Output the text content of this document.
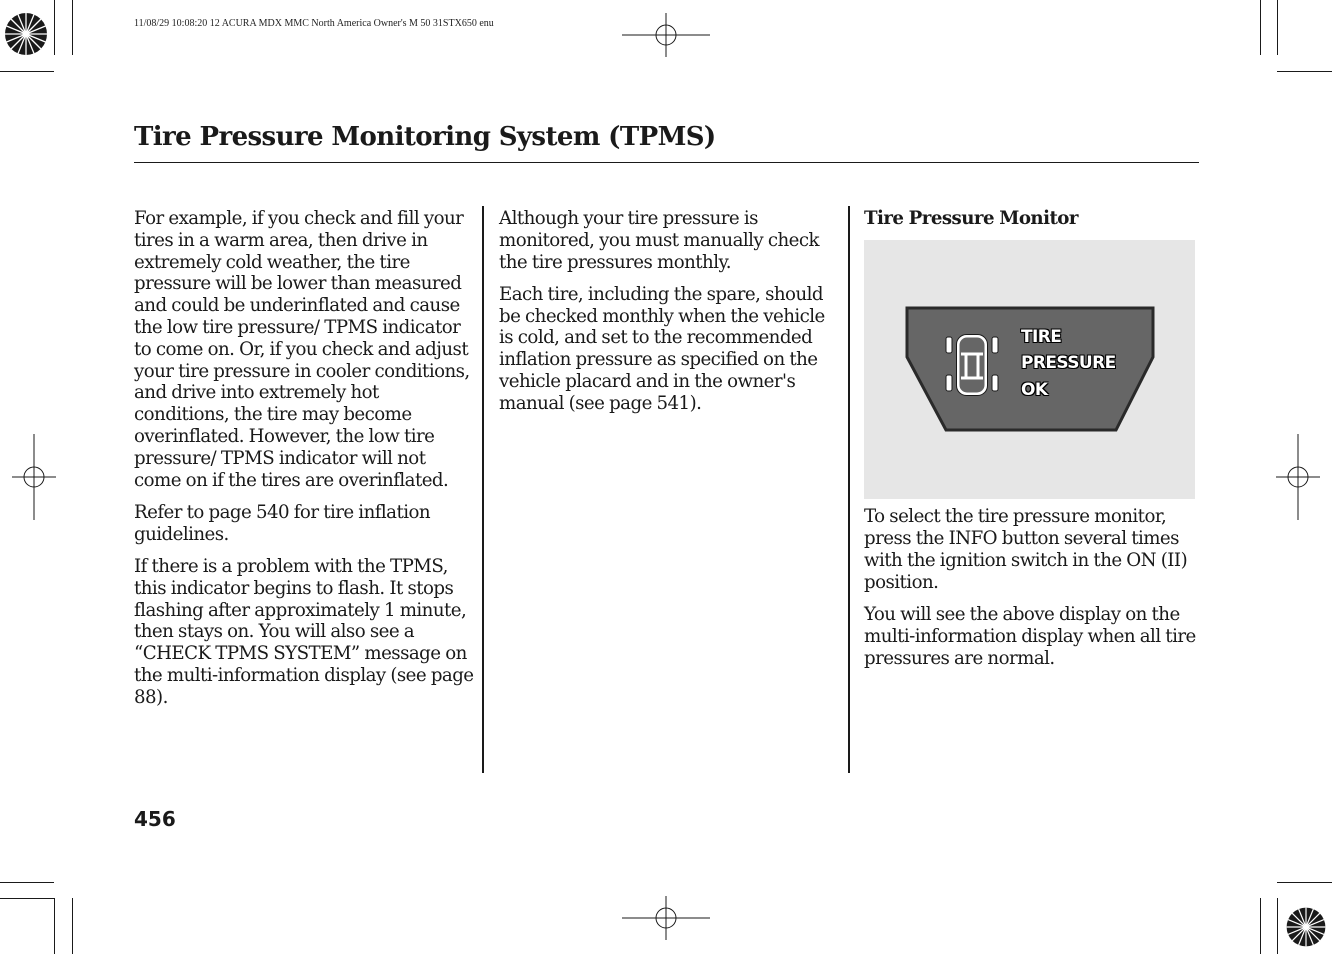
11/08/29 10:08:20 12 ACURA MDX MMC North America Owner's M 50 31STX650 enu
Tire Pressure Monitoring System (TPMS)

For example, if you check and fill your tires in a warm area, then drive in extremely cold weather, the tire pressure will be lower than measured and could be underinflated and cause the low tire pressure/ TPMS indicator to come on. Or, if you check and adjust your tire pressure in cooler conditions, and drive into extremely hot conditions, the tire may become overinflated. However, the low tire pressure/ TPMS indicator will not come on if the tires are overinflated.

Refer to page 540 for tire inflation guidelines.

If there is a problem with the TPMS, this indicator begins to flash. It stops flashing after approximately 1 minute, then stays on. You will also see a “CHECK TPMS SYSTEM” message on the multi-information display (see page 88).

Although your tire pressure is monitored, you must manually check the tire pressures monthly.

Each tire, including the spare, should be checked monthly when the vehicle is cold, and set to the recommended inflation pressure as specified on the vehicle placard and in the owner's manual (see page 541).

Tire Pressure Monitor

To select the tire pressure monitor, press the INFO button several times with the ignition switch in the ON (II) position.

You will see the above display on the multi-information display when all tire pressures are normal.

TIRE
PRESSURE
OK
456
